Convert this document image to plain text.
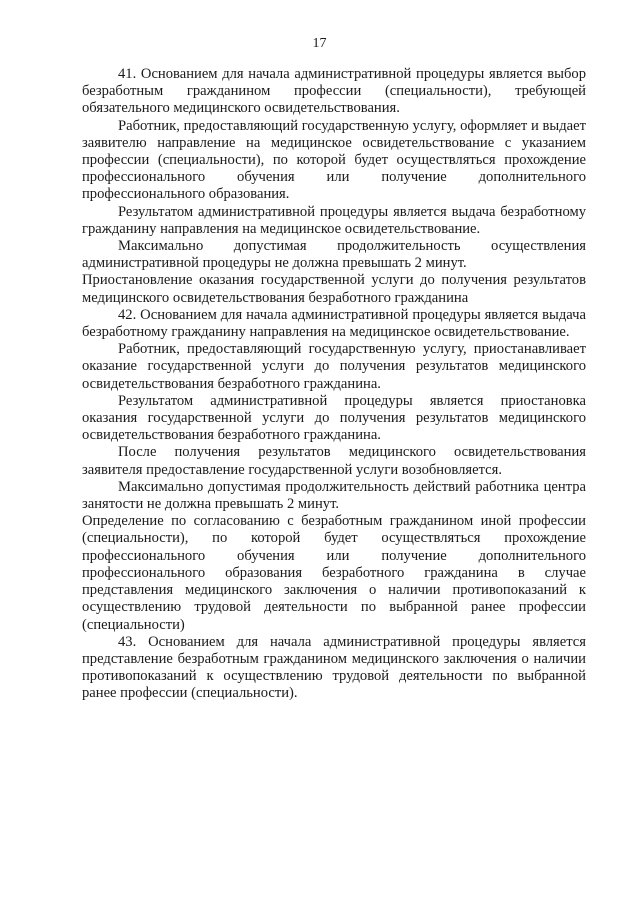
17

41. Основанием для начала административной процедуры является выбор безработным гражданином профессии (специальности), требующей обязательного медицинского освидетельствования.

Работник, предоставляющий государственную услугу, оформляет и выдает заявителю направление на медицинское освидетельствование с указанием профессии (специальности), по которой будет осуществляться прохождение профессионального обучения или получение дополнительного профессионального образования.

Результатом административной процедуры является выдача безработному гражданину направления на медицинское освидетельствование.

Максимально допустимая продолжительность осуществления административной процедуры не должна превышать 2 минут.

Приостановление оказания государственной услуги до получения результатов медицинского освидетельствования безработного гражданина

42. Основанием для начала административной процедуры является выдача безработному гражданину направления на медицинское освидетельствование.

Работник, предоставляющий государственную услугу, приостанавливает оказание государственной услуги до получения результатов медицинского освидетельствования безработного гражданина.

Результатом административной процедуры является приостановка оказания государственной услуги до получения результатов медицинского освидетельствования безработного гражданина.

После получения результатов медицинского освидетельствования заявителя предоставление государственной услуги возобновляется.

Максимально допустимая продолжительность действий работника центра занятости не должна превышать 2 минут.

Определение по согласованию с безработным гражданином иной профессии (специальности), по которой будет осуществляться прохождение профессионального обучения или получение дополнительного профессионального образования безработного гражданина в случае представления медицинского заключения о наличии противопоказаний к осуществлению трудовой деятельности по выбранной ранее профессии (специальности)

43. Основанием для начала административной процедуры является представление безработным гражданином медицинского заключения о наличии противопоказаний к осуществлению трудовой деятельности по выбранной ранее профессии (специальности).
